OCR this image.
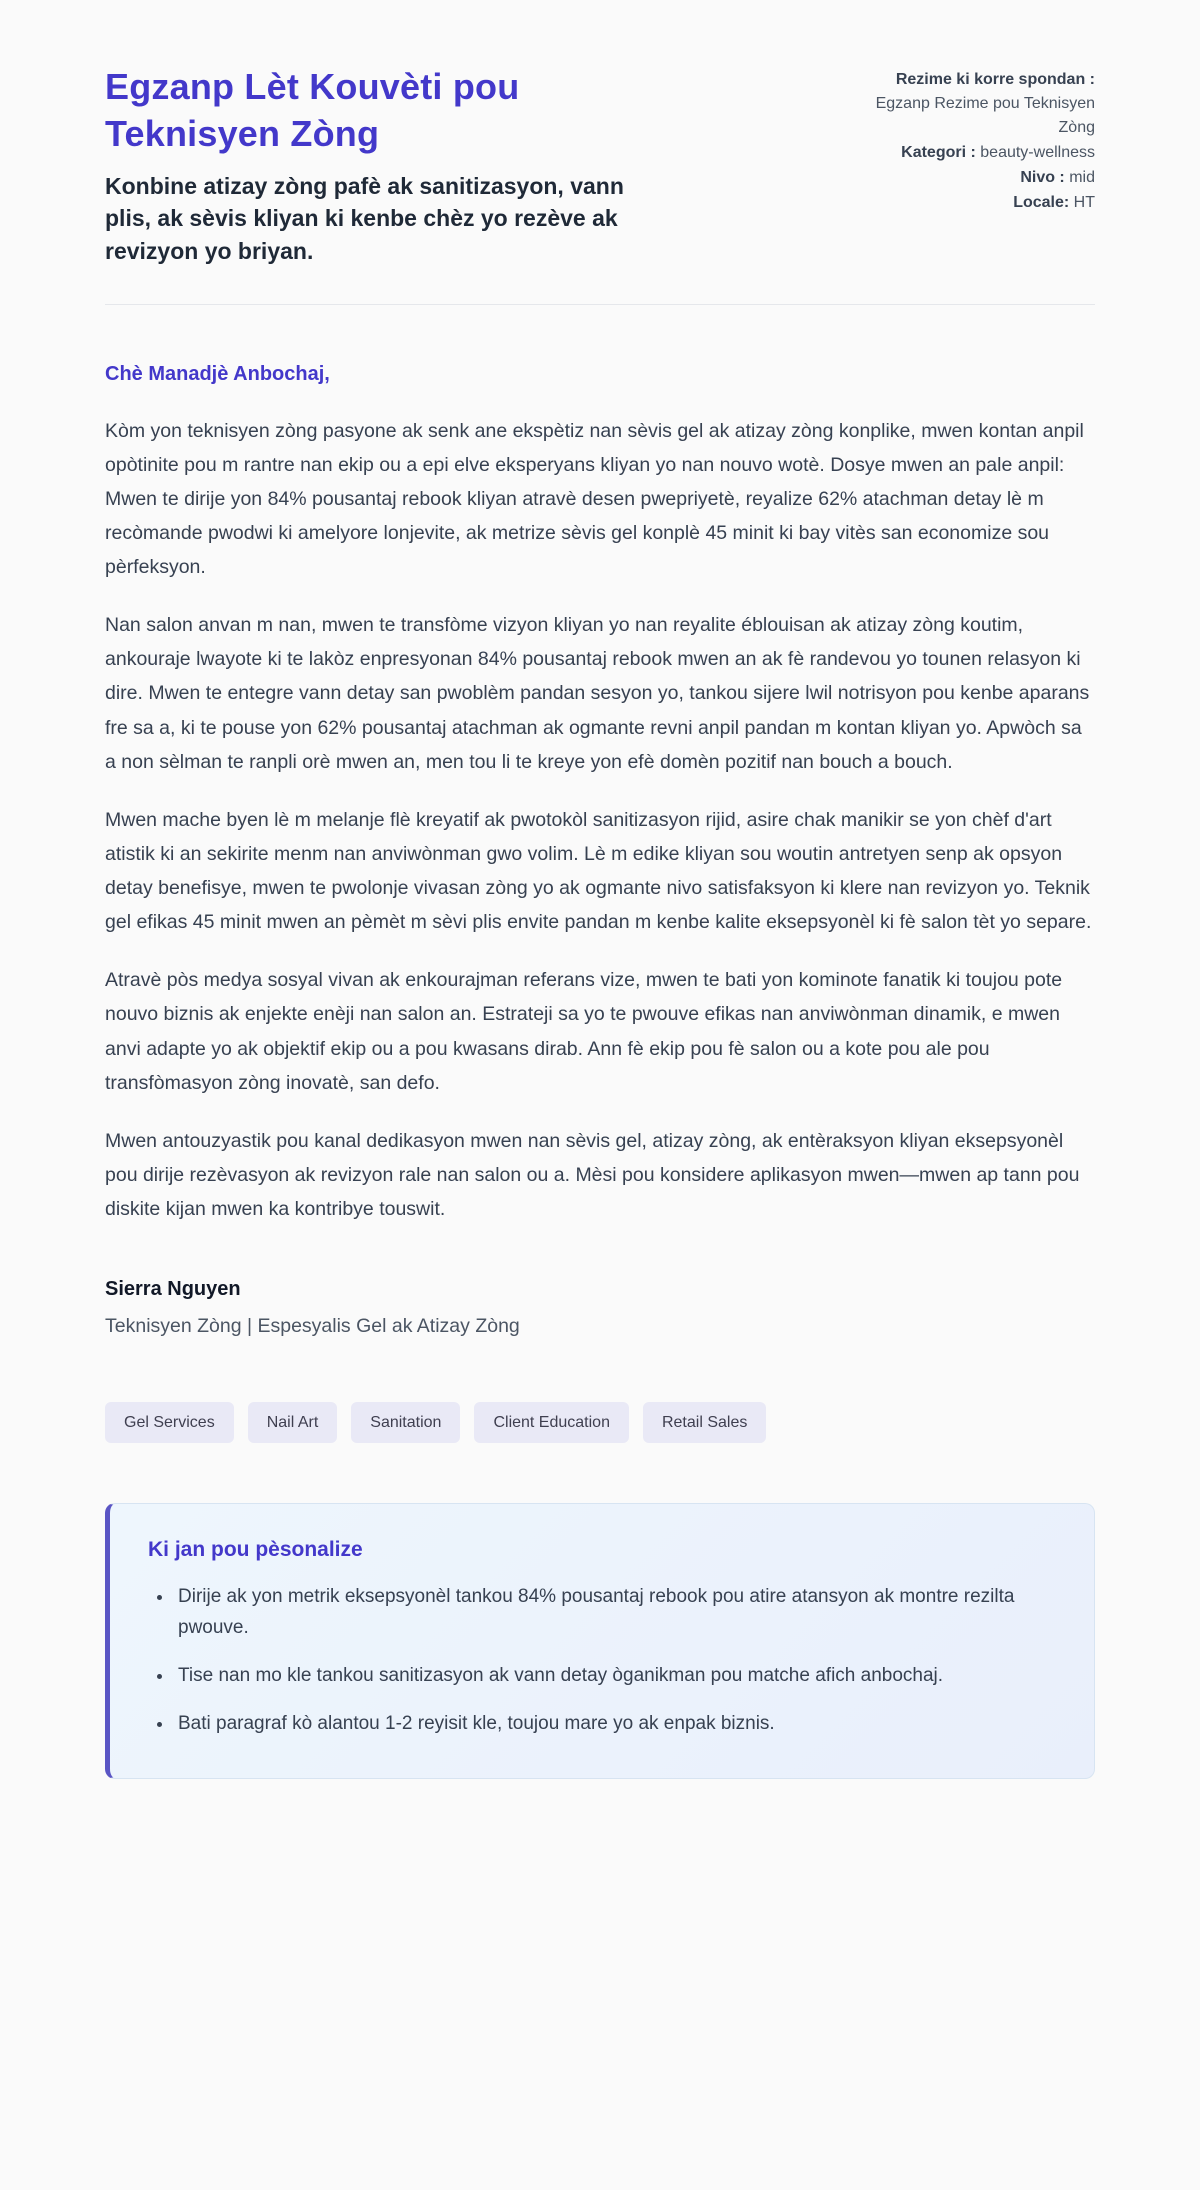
Egzanp Lèt Kouvèti pou Teknisyen Zòng
Konbine atizay zòng pafè ak sanitizasyon, vann plis, ak sèvis kliyan ki kenbe chèz yo rezève ak revizyon yo briyan.
Rezime ki korre spondan : Egzanp Rezime pou Teknisyen Zòng
Kategori : beauty-wellness
Nivo : mid
Locale: HT

Chè Manadjè Anbochaj,

Kòm yon teknisyen zòng pasyone ak senk ane ekspètiz nan sèvis gel ak atizay zòng konplike, mwen kontan anpil opòtinite pou m rantre nan ekip ou a epi elve eksperyans kliyan yo nan nouvo wotè. Dosye mwen an pale anpil: Mwen te dirije yon 84% pousantaj rebook kliyan atravè desen pwepriyetè, reyalize 62% atachman detay lè m recòmande pwodwi ki amelyore lonjevite, ak metrize sèvis gel konplè 45 minit ki bay vitès san economize sou pèrfeksyon.

Nan salon anvan m nan, mwen te transfòme vizyon kliyan yo nan reyalite éblouisan ak atizay zòng koutim, ankouraje lwayote ki te lakòz enpresyonan 84% pousantaj rebook mwen an ak fè randevou yo tounen relasyon ki dire. Mwen te entegre vann detay san pwoblèm pandan sesyon yo, tankou sijere lwil notrisyon pou kenbe aparans fre sa a, ki te pouse yon 62% pousantaj atachman ak ogmante revni anpil pandan m kontan kliyan yo. Apwòch sa a non sèlman te ranpli orè mwen an, men tou li te kreye yon efè domèn pozitif nan bouch a bouch.

Mwen mache byen lè m melanje flè kreyatif ak pwotokòl sanitizasyon rijid, asire chak manikir se yon chèf d'art atistik ki an sekirite menm nan anviwònman gwo volim. Lè m edike kliyan sou woutin antretyen senp ak opsyon detay benefisye, mwen te pwolonje vivasan zòng yo ak ogmante nivo satisfaksyon ki klere nan revizyon yo. Teknik gel efikas 45 minit mwen an pèmèt m sèvi plis envite pandan m kenbe kalite eksepsyonèl ki fè salon tèt yo separe.

Atravè pòs medya sosyal vivan ak enkourajman referans vize, mwen te bati yon kominote fanatik ki toujou pote nouvo biznis ak enjekte enèji nan salon an. Estrateji sa yo te pwouve efikas nan anviwònman dinamik, e mwen anvi adapte yo ak objektif ekip ou a pou kwasans dirab. Ann fè ekip pou fè salon ou a kote pou ale pou transfòmasyon zòng inovatè, san defo.

Mwen antouzyastik pou kanal dedikasyon mwen nan sèvis gel, atizay zòng, ak entèraksyon kliyan eksepsyonèl pou dirije rezèvasyon ak revizyon rale nan salon ou a. Mèsi pou konsidere aplikasyon mwen—mwen ap tann pou diskite kijan mwen ka kontribye touswit.

Sierra Nguyen

Teknisyen Zòng | Espesyalis Gel ak Atizay Zòng

Gel Services	Nail Art	Sanitation	Client Education	Retail Sales
Ki jan pou pèsonalize
• Dirije ak yon metrik eksepsyonèl tankou 84% pousantaj rebook pou atire atansyon ak montre rezilta pwouve.
• Tise nan mo kle tankou sanitizasyon ak vann detay òganikman pou matche afich anbochaj.
• Bati paragraf kò alantou 1-2 reyisit kle, toujou mare yo ak enpak biznis.
